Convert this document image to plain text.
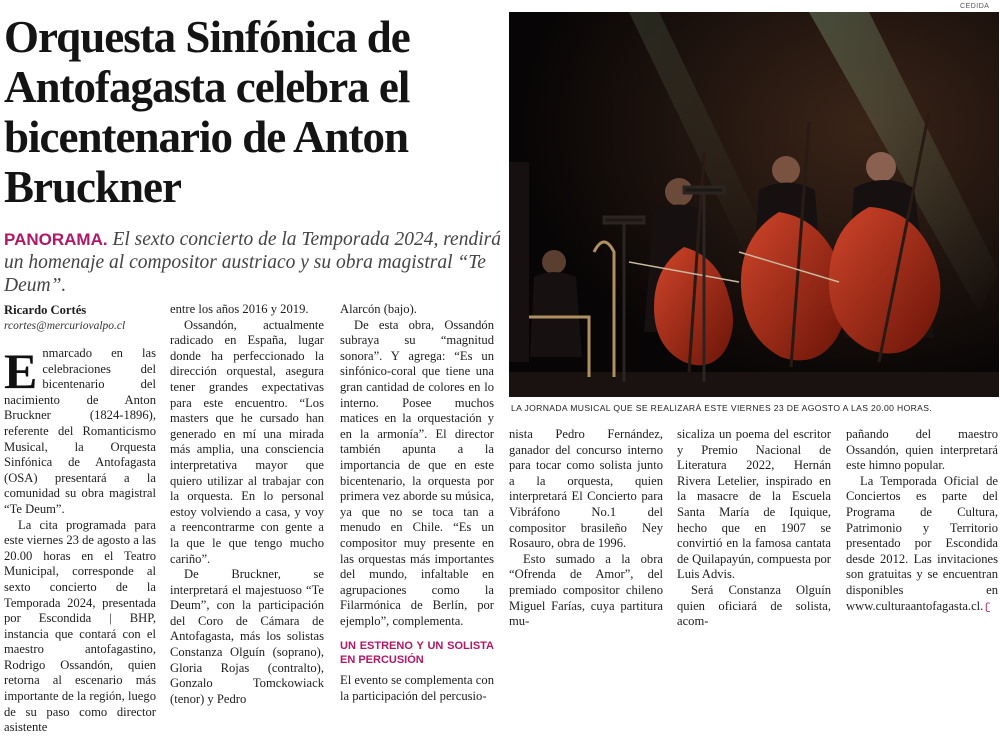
Orquesta Sinfónica de Antofagasta celebra el bicentenario de Anton Bruckner

PANORAMA. El sexto concierto de la Temporada 2024, rendirá un homenaje al compositor austriaco y su obra magistral “Te Deum”.

CEDIDA
LA JORNADA MUSICAL QUE SE REALIZARÁ ESTE VIERNES 23 DE AGOSTO A LAS 20.00 HORAS.
Ricardo Cortés
rcortes@mercuriovalpo.cl

Enmarcado en las celebraciones del bicentenario del nacimiento de Anton Bruckner (1824-1896), referente del Romanticismo Musical, la Orquesta Sinfónica de Antofagasta (OSA) presentará a la comunidad su obra magistral “Te Deum”.

La cita programada para este viernes 23 de agosto a las 20.00 horas en el Teatro Municipal, corresponde al sexto concierto de la Temporada 2024, presentada por Escondida | BHP, instancia que contará con el maestro antofagastino, Rodrigo Ossandón, quien retorna al escenario más importante de la región, luego de su paso como director asistente

entre los años 2016 y 2019.

Ossandón, actualmente radicado en España, lugar donde ha perfeccionado la dirección orquestal, asegura tener grandes expectativas para este encuentro. “Los masters que he cursado han generado en mí una mirada más amplia, una consciencia interpretativa mayor que quiero utilizar al trabajar con la orquesta. En lo personal estoy volviendo a casa, y voy a reencontrarme con gente a la que le que tengo mucho cariño”.

De Bruckner, se interpretará el majestuoso “Te Deum”, con la participación del Coro de Cámara de Antofagasta, más los solistas Constanza Olguín (soprano), Gloria Rojas (contralto), Gonzalo Tomckowiack (tenor) y Pedro

Alarcón (bajo).

De esta obra, Ossandón subraya su “magnitud sonora”. Y agrega: “Es un sinfónico-coral que tiene una gran cantidad de colores en lo interno. Posee muchos matices en la orquestación y en la armonía”. El director también apunta a la importancia de que en este bicentenario, la orquesta por primera vez aborde su música, ya que no se toca tan a menudo en Chile. “Es un compositor muy presente en las orquestas más importantes del mundo, infaltable en agrupaciones como la Filarmónica de Berlín, por ejemplo”, complementa.

UN ESTRENO Y UN SOLISTA EN PERCUSIÓN

El evento se complementa con la participación del percusio-

nista Pedro Fernández, ganador del concurso interno para tocar como solista junto a la orquesta, quien interpretará El Concierto para Vibráfono No.1 del compositor brasileño Ney Rosauro, obra de 1996.

Esto sumado a la obra “Ofrenda de Amor”, del premiado compositor chileno Miguel Farías, cuya partitura mu-

sicaliza un poema del escritor y Premio Nacional de Literatura 2022, Hernán Rivera Letelier, inspirado en la masacre de la Escuela Santa María de Iquique, hecho que en 1907 se convirtió en la famosa cantata de Quilapayún, compuesta por Luis Advis.

Será Constanza Olguín quien oficiará de solista, acom-

pañando del maestro Ossandón, quien interpretará este himno popular.

La Temporada Oficial de Conciertos es parte del Programa de Cultura, Patrimonio y Territorio presentado por Escondida desde 2012. Las invitaciones son gratuitas y se encuentran disponibles en www.culturaantofagasta.cl. ʗ
